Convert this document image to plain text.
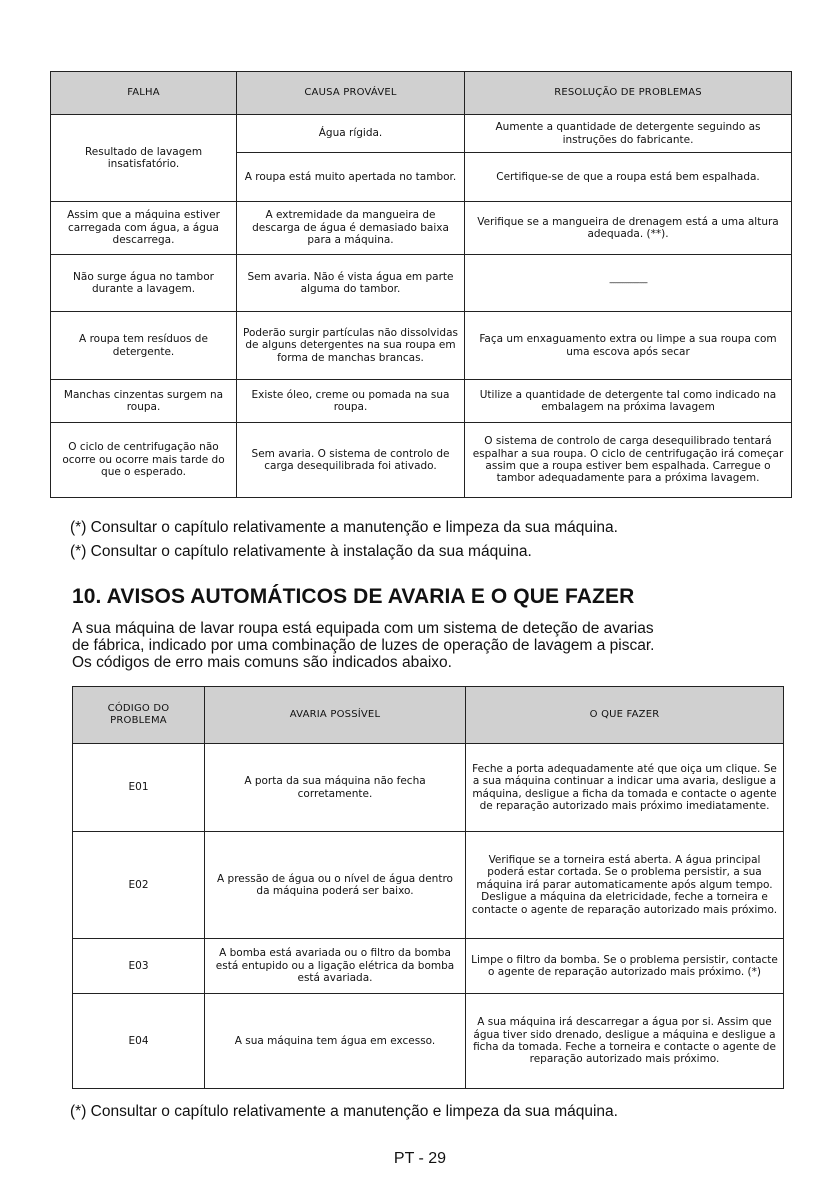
FALHA	CAUSA PROVÁVEL	RESOLUÇÃO DE PROBLEMAS
Resultado de lavagem insatisfatório.	Água rígida.	Aumente a quantidade de detergente seguindo as instruções do fabricante.
	A roupa está muito apertada no tambor.	Certifique-se de que a roupa está bem espalhada.
Assim que a máquina estiver carregada com água, a água descarrega.	A extremidade da mangueira de descarga de água é demasiado baixa para a máquina.	Verifique se a mangueira de drenagem está a uma altura adequada. (**).
Não surge água no tambor durante a lavagem.	Sem avaria. Não é vista água em parte alguma do tambor.	--------------------
A roupa tem resíduos de detergente.	Poderão surgir partículas não dissolvidas de alguns detergentes na sua roupa em forma de manchas brancas.	Faça um enxaguamento extra ou limpe a sua roupa com uma escova após secar
Manchas cinzentas surgem na roupa.	Existe óleo, creme ou pomada na sua roupa.	Utilize a quantidade de detergente tal como indicado na embalagem na próxima lavagem
O ciclo de centrifugação não ocorre ou ocorre mais tarde do que o esperado.	Sem avaria. O sistema de controlo de carga desequilibrada foi ativado.	O sistema de controlo de carga desequilibrado tentará espalhar a sua roupa. O ciclo de centrifugação irá começar assim que a roupa estiver bem espalhada. Carregue o tambor adequadamente para a próxima lavagem.
(*) Consultar o capítulo relativamente a manutenção e limpeza da sua máquina.
(*) Consultar o capítulo relativamente à instalação da sua máquina.
10. AVISOS AUTOMÁTICOS DE AVARIA E O QUE FAZER
A sua máquina de lavar roupa está equipada com um sistema de deteção de avarias
de fábrica, indicado por uma combinação de luzes de operação de lavagem a piscar.
Os códigos de erro mais comuns são indicados abaixo.
CÓDIGO DO PROBLEMA	AVARIA POSSÍVEL	O QUE FAZER
E01	A porta da sua máquina não fecha corretamente.	Feche a porta adequadamente até que oiça um clique. Se a sua máquina continuar a indicar uma avaria, desligue a máquina, desligue a ficha da tomada e contacte o agente de reparação autorizado mais próximo imediatamente.
E02	A pressão de água ou o nível de água dentro da máquina poderá ser baixo.	Verifique se a torneira está aberta. A água principal poderá estar cortada. Se o problema persistir, a sua máquina irá parar automaticamente após algum tempo. Desligue a máquina da eletricidade, feche a torneira e contacte o agente de reparação autorizado mais próximo.
E03	A bomba está avariada ou o filtro da bomba está entupido ou a ligação elétrica da bomba está avariada.	Limpe o filtro da bomba. Se o problema persistir, contacte o agente de reparação autorizado mais próximo. (*)
E04	A sua máquina tem água em excesso.	A sua máquina irá descarregar a água por si. Assim que água tiver sido drenado, desligue a máquina e desligue a ficha da tomada. Feche a torneira e contacte o agente de reparação autorizado mais próximo.
(*) Consultar o capítulo relativamente a manutenção e limpeza da sua máquina.
PT - 29
